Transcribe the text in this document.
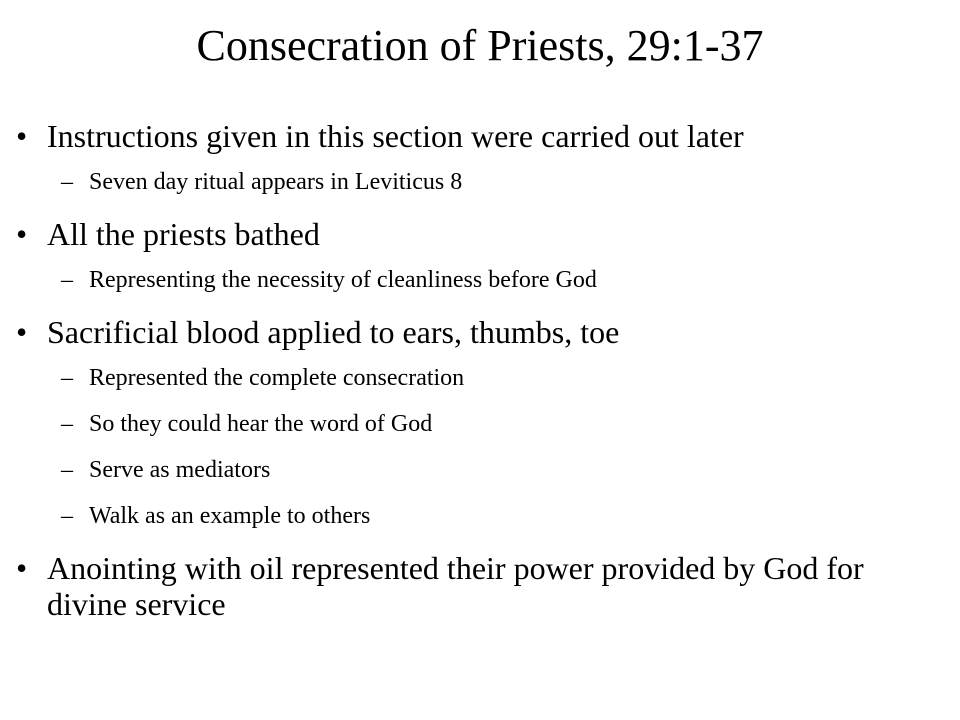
Consecration of Priests, 29:1-37
• Instructions given in this section were carried out later
– Seven day ritual appears in Leviticus 8
• All the priests bathed
– Representing the necessity of cleanliness before God
• Sacrificial blood applied to ears, thumbs, toe
– Represented the complete consecration
– So they could hear the word of God
– Serve as mediators
– Walk as an example to others
• Anointing with oil represented their power provided by God for divine service
